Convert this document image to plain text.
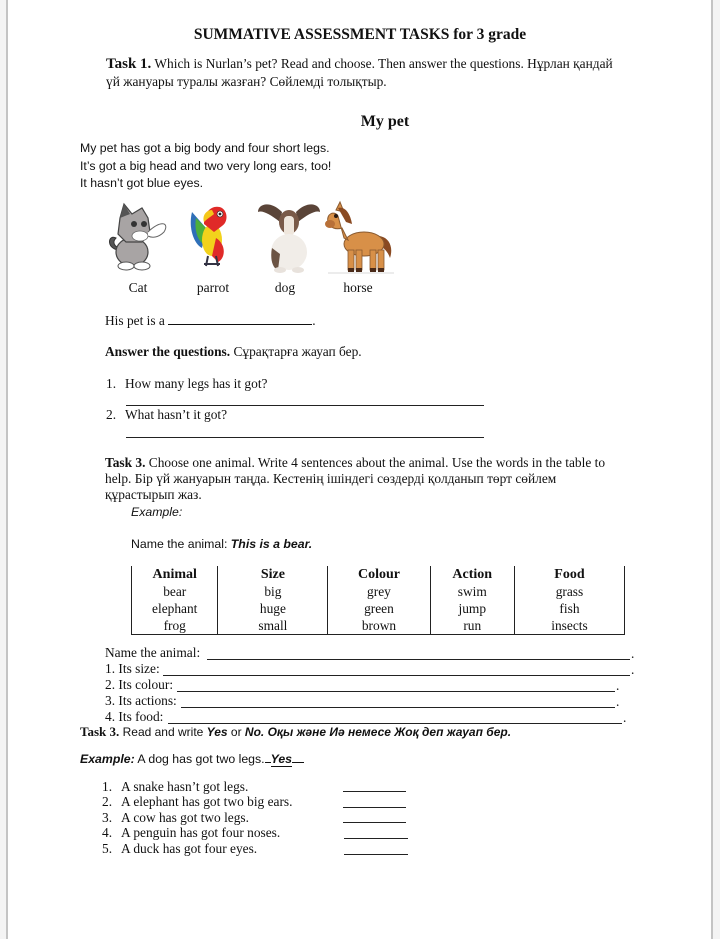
SUMMATIVE ASSESSMENT TASKS for 3 grade
Task 1. Which is Nurlan’s pet? Read and choose. Then answer the questions. Нұрлан қандай үй жануары туралы жазған? Сөйлемді толықтыр.
My pet
My pet has got a big body and four short legs.
It’s got a big head and two very long ears, too!
It hasn’t got blue eyes.
Cat	parrot	dog	horse
His pet is a	.
Answer the questions. Сұрақтарға жауап бер.
1. How many legs has it got?
2. What hasn’t it got?
Task 3. Choose one animal. Write 4 sentences about the animal. Use the words in the table to help. Бір үй жануарын таңда. Кестенің ішіндегі сөздерді қолданып төрт сөйлем құрастырып жаз.
Example:
Name the animal: This is a bear.
Animal	Size	Colour	Action	Food
bear	big	grey	swim	grass
elephant	huge	green	jump	fish
frog	small	brown	run	insects
Name the animal:	.
1. Its size:	.
2. Its colour:	.
3. Its actions:	.
4. Its food:	.
Task 3. Read and write Yes or No. Оқы және Иә немесе Жоқ деп жауап бер.
Example: A dog has got two legs. Yes
1. A snake hasn’t got legs.
2. A elephant has got two big ears.
3. A cow has got two legs.
4. A penguin has got four noses.
5. A duck has got four eyes.
